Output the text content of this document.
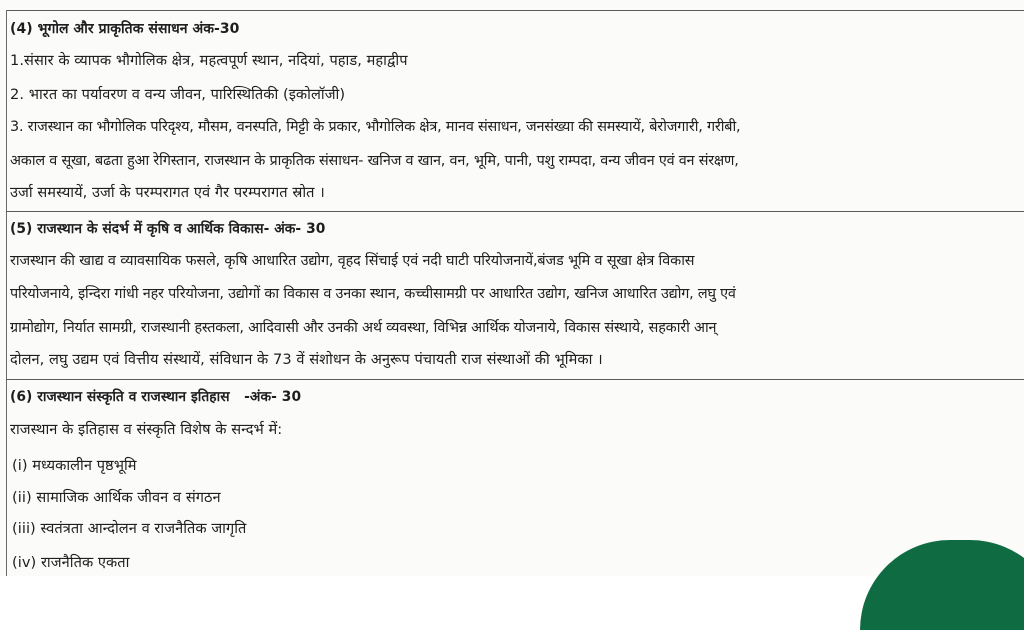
(4) भूगोल और प्राकृतिक संसाधन अंक-30
1.संसार के व्यापक भौगोलिक क्षेत्र, महत्वपूर्ण स्थान, नदियां, पहाड, महाद्वीप
2. भारत का पर्यावरण व वन्य जीवन, पारिस्थितिकी (इकोलॉजी)
3. राजस्थान का भौगोलिक परिदृश्य, मौसम, वनस्पति, मिट्टी के प्रकार, भौगोलिक क्षेत्र, मानव संसाधन, जनसंख्या की समस्यायें, बेरोजगारी, गरीबी,
अकाल व सूखा, बढता हुआ रेगिस्तान, राजस्थान के प्राकृतिक संसाधन- खनिज व खान, वन, भूमि, पानी, पशु राम्पदा, वन्य जीवन एवं वन संरक्षण,
उर्जा समस्यायें, उर्जा के परम्परागत एवं गैर परम्परागत स्रोत ।
(5) राजस्थान के संदर्भ में कृषि व आर्थिक विकास- अंक- 30
राजस्थान की खाद्य व व्यावसायिक फसले, कृषि आधारित उद्योग, वृहद सिंचाई एवं नदी घाटी परियोजनायें,बंजड भूमि व सूखा क्षेत्र विकास
परियोजनाये, इन्दिरा गांधी नहर परियोजना, उद्योगों का विकास व उनका स्थान, कच्चीसामग्री पर आधारित उद्योग, खनिज आधारित उद्योग, लघु एवं
ग्रामोद्योग, निर्यात सामग्री, राजस्थानी हस्तकला, आदिवासी और उनकी अर्थ व्यवस्था, विभिन्न आर्थिक योजनाये, विकास संस्थाये, सहकारी आन्
दोलन, लघु उद्यम एवं वित्तीय संस्थायें, संविधान के 73 वें संशोधन के अनुरूप पंचायती राज संस्थाओं की भूमिका ।
(6) राजस्थान संस्कृति व राजस्थान इतिहास   -अंक- 30
राजस्थान के इतिहास व संस्कृति विशेष के सन्दर्भ में:
(i) मध्यकालीन पृष्ठभूमि
(ii) सामाजिक आर्थिक जीवन व संगठन
(iii) स्वतंत्रता आन्दोलन व राजनैतिक जागृति
(iv) राजनैतिक एकता
